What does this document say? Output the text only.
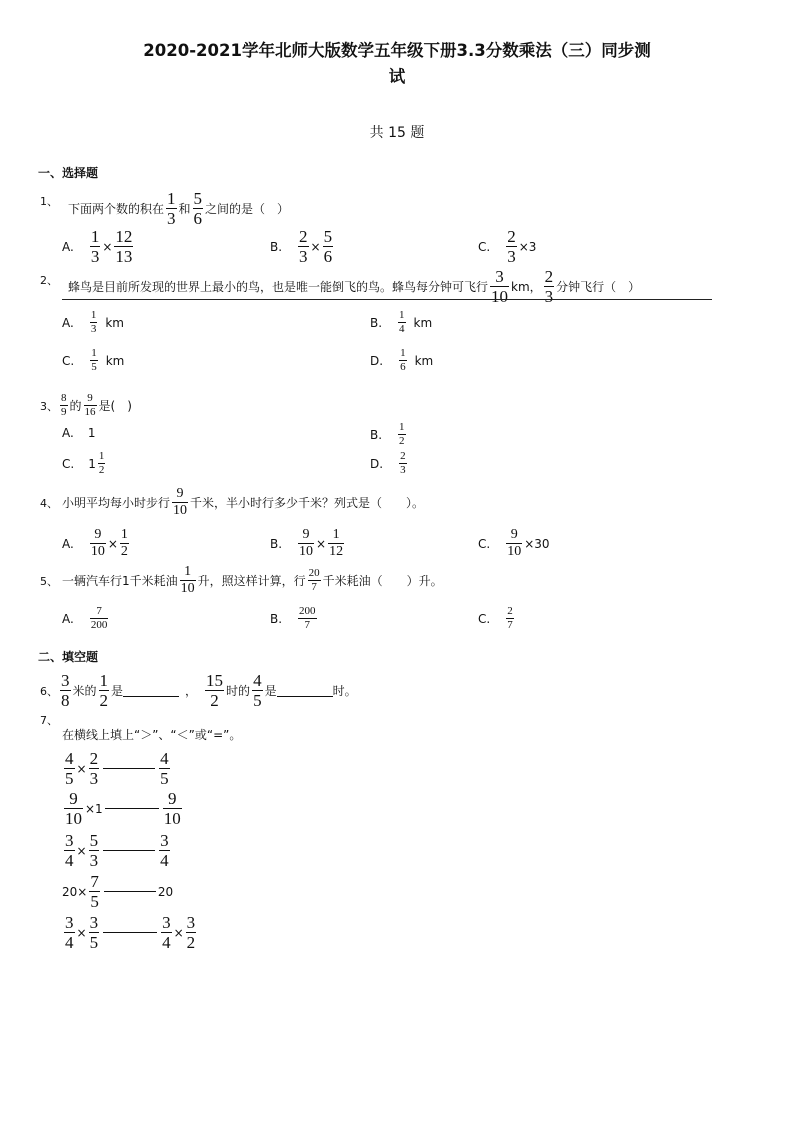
2020-2021学年北师大版数学五年级下册3.3分数乘法（三）同步测
试
共 15 题
一、选择题
1、
下面两个数的积在 $\frac{1}{3}$ 和 $\frac{5}{6}$ 之间的是（　）
A. $\frac{1}{3} \times \frac{12}{13}$	B. $\frac{2}{3} \times \frac{5}{6}$	C. $\frac{2}{3} \times 3$
2、 蜂鸟是目前所发现的世界上最小的鸟，也是唯一能倒飞的鸟。蜂鸟每分钟可飞行 $\frac{3}{10}$ km， $\frac{2}{3}$ 分钟飞行（　）
A. $\frac{1}{3}$ km	B. $\frac{1}{4}$ km
C. $\frac{1}{5}$ km	D. $\frac{1}{6}$ km
3、 $\frac{8}{9}$ 的 $\frac{9}{16}$ 是(　)
A. 1	B. $\frac{1}{2}$
C. $1 \frac{1}{2}$	D. $\frac{2}{3}$
4、 小明平均每小时步行 $\frac{9}{10}$ 千米，半小时行多少千米？列式是（　　）。
A. $\frac{9}{10} \times \frac{1}{2}$	B. $\frac{9}{10} \times \frac{1}{12}$	C. $\frac{9}{10} \times 30$
5、 一辆汽车行1千米耗油 $\frac{1}{10}$ 升，照这样计算，行 $\frac{20}{7}$ 千米耗油（　　）升。
A. $\frac{7}{200}$	B. $\frac{200}{7}$	C. $\frac{2}{7}$
二、填空题
6、 $\frac{3}{8}$ 米的 $\frac{1}{2}$ 是	， $\frac{15}{2}$ 时的 $\frac{4}{5}$ 是	时。
7、
在横线上填上“＞”、“＜”或“=”。
$\frac{4}{5} \times \frac{2}{3}$	$\frac{4}{5}$
$\frac{9}{10} \times 1$	$\frac{9}{10}$
$\frac{3}{4} \times \frac{5}{3}$	$\frac{3}{4}$
$20\times \frac{7}{5}$	20
$\frac{3}{4} \times \frac{3}{5}$	$\frac{3}{4} \times \frac{3}{2}$
